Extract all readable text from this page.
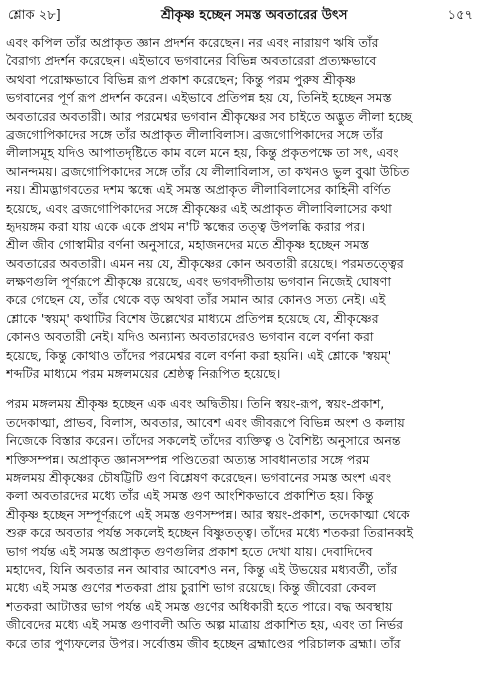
শ্লোক ২৮]	শ্রীকৃষ্ণ হচ্ছেন সমস্ত অবতারের উৎস	১৫৭
এবং কপিল তাঁর অপ্রাকৃত জ্ঞান প্রদর্শন করেছেন। নর এবং নারায়ণ ঋষি তাঁর
বৈরাগ্য প্রদর্শন করেছেন। এইভাবে ভগবানের বিভিন্ন অবতারেরা প্রত্যক্ষভাবে
অথবা পরোক্ষভাবে বিভিন্ন রূপ প্রকাশ করেছেন; কিন্তু পরম পুরুষ শ্রীকৃষ্ণ
ভগবানের পূর্ণ রূপ প্রদর্শন করেন। এইভাবে প্রতিপন্ন হয় যে, তিনিই হচ্ছেন সমস্ত
অবতারের অবতারী। আর পরমেশ্বর ভগবান শ্রীকৃষ্ণের সব চাইতে অদ্ভুত লীলা হচ্ছে
ব্রজগোপিকাদের সঙ্গে তাঁর অপ্রাকৃত লীলাবিলাস। ব্রজগোপিকাদের সঙ্গে তাঁর
লীলাসমূহ যদিও আপাতদৃষ্টিতে কাম বলে মনে হয়, কিন্তু প্রকৃতপক্ষে তা সৎ, এবং
আনন্দময়। ব্রজগোপিকাদের সঙ্গে তাঁর যে লীলাবিলাস, তা কখনও ভুল বুঝা উচিত
নয়। শ্রীমদ্ভাগবতের দশম স্কন্ধে এই সমস্ত অপ্রাকৃত লীলাবিলাসের কাহিনী বর্ণিত
হয়েছে, এবং ব্রজগোপিকাদের সঙ্গে শ্রীকৃষ্ণের এই অপ্রাকৃত লীলাবিলাসের কথা
হৃদয়ঙ্গম করা যায় একে একে প্রথম ন'টি স্কন্ধের তত্ত্ব উপলব্ধি করার পর।
শ্রীল জীব গোস্বামীর বর্ণনা অনুসারে, মহাজনদের মতে শ্রীকৃষ্ণ হচ্ছেন সমস্ত
অবতারের অবতারী। এমন নয় যে, শ্রীকৃষ্ণের কোন অবতারী রয়েছে। পরমতত্ত্বের
লক্ষণগুলি পূর্ণরূপে শ্রীকৃষ্ণে রয়েছে, এবং ভগবদ্গীতায় ভগবান নিজেই ঘোষণা
করে গেছেন যে, তাঁর থেকে বড় অথবা তাঁর সমান আর কোনও সত্য নেই। এই
শ্লোকে 'স্বয়ম্' কথাটির বিশেষ উল্লেখের মাধ্যমে প্রতিপন্ন হয়েছে যে, শ্রীকৃষ্ণের
কোনও অবতারী নেই। যদিও অন্যান্য অবতারদেরও ভগবান বলে বর্ণনা করা
হয়েছে, কিন্তু কোথাও তাঁদের পরমেশ্বর বলে বর্ণনা করা হয়নি। এই শ্লোকে 'স্বয়ম্'
শব্দটির মাধ্যমে পরম মঙ্গলময়ের শ্রেষ্ঠত্ব নিরূপিত হয়েছে।
পরম মঙ্গলময় শ্রীকৃষ্ণ হচ্ছেন এক এবং অদ্বিতীয়। তিনি স্বয়ং-রূপ, স্বয়ং-প্রকাশ,
তদেকাত্মা, প্রাভব, বিলাস, অবতার, আবেশ এবং জীবরূপে বিভিন্ন অংশ ও কলায়
নিজেকে বিস্তার করেন। তাঁদের সকলেই তাঁদের ব্যক্তিত্ব ও বৈশিষ্ট্য অনুসারে অনন্ত
শক্তিসম্পন্ন। অপ্রাকৃত জ্ঞানসম্পন্ন পণ্ডিতেরা অত্যন্ত সাবধানতার সঙ্গে পরম
মঙ্গলময় শ্রীকৃষ্ণের চৌষট্টিটি গুণ বিশ্লেষণ করেছেন। ভগবানের সমস্ত অংশ এবং
কলা অবতারদের মধ্যে তাঁর এই সমস্ত গুণ আংশিকভাবে প্রকাশিত হয়। কিন্তু
শ্রীকৃষ্ণ হচ্ছেন সম্পূর্ণরূপে এই সমস্ত গুণসম্পন্ন। আর স্বয়ং-প্রকাশ, তদেকাত্মা থেকে
শুরু করে অবতার পর্যন্ত সকলেই হচ্ছেন বিষ্ণুতত্ত্ব। তাঁদের মধ্যে শতকরা তিরানব্বই
ভাগ পর্যন্ত এই সমস্ত অপ্রাকৃত গুণগুলির প্রকাশ হতে দেখা যায়। দেবাদিদেব
মহাদেব, যিনি অবতার নন আবার আবেশও নন, কিন্তু এই উভয়ের মধ্যবর্তী, তাঁর
মধ্যে এই সমস্ত গুণের শতকরা প্রায় চুরাশি ভাগ রয়েছে। কিন্তু জীবেরা কেবল
শতকরা আটাত্তর ভাগ পর্যন্ত এই সমস্ত গুণের অধিকারী হতে পারে। বদ্ধ অবস্থায়
জীবেদের মধ্যে এই সমস্ত গুণাবলী অতি অল্প মাত্রায় প্রকাশিত হয়, এবং তা নির্ভর
করে তার পুণ্যফলের উপর। সর্বোত্তম জীব হচ্ছেন ব্রহ্মাণ্ডের পরিচালক ব্রহ্মা। তাঁর
